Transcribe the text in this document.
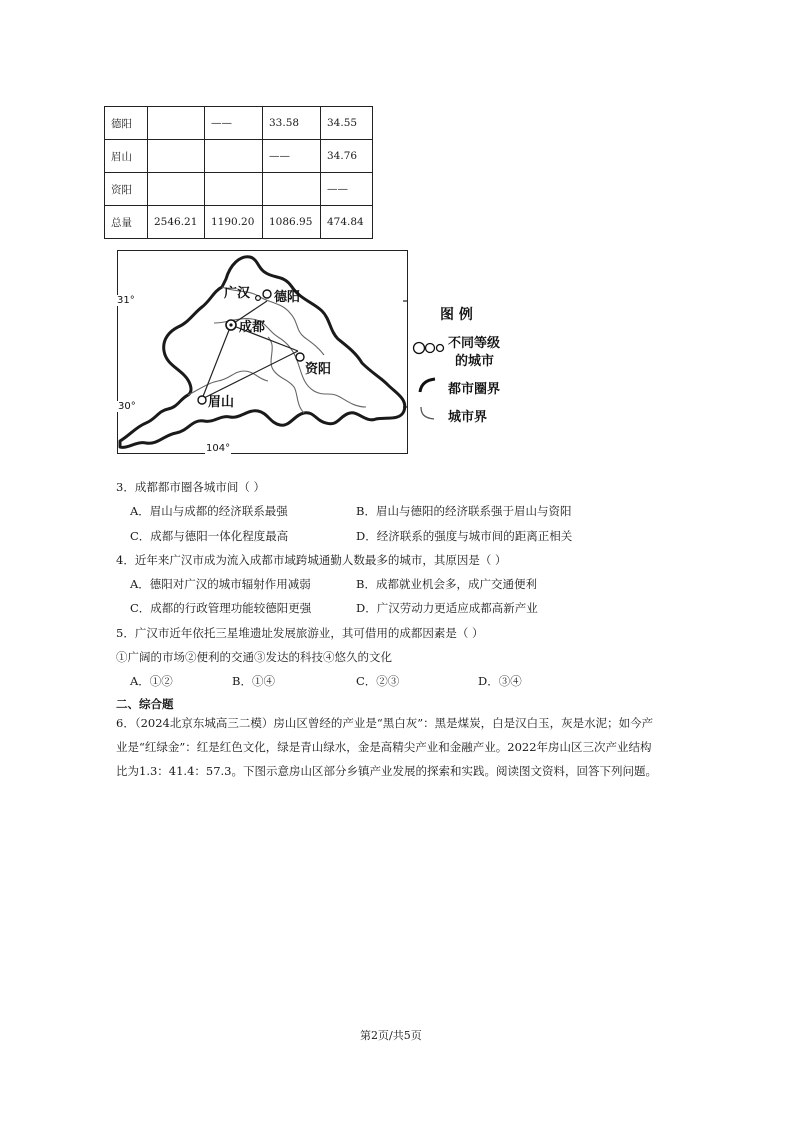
德阳		——	33.58	34.55
眉山			——	34.76
资阳				——
总量	2546.21	1190.20	1086.95	474.84
广汉 德阳
成都
资阳
眉山
31°
30°
104°
图 例
不同等级
的城市
都市圈界
城市界
3．成都都市圈各城市间（ ）
A．眉山与成都的经济联系最强	B．眉山与德阳的经济联系强于眉山与资阳
C．成都与德阳一体化程度最高	D．经济联系的强度与城市间的距离正相关
4．近年来广汉市成为流入成都市域跨城通勤人数最多的城市，其原因是（ ）
A．德阳对广汉的城市辐射作用减弱	B．成都就业机会多，成广交通便利
C．成都的行政管理功能较德阳更强	D．广汉劳动力更适应成都高新产业
5．广汉市近年依托三星堆遗址发展旅游业，其可借用的成都因素是（ ）
①广阔的市场②便利的交通③发达的科技④悠久的文化
A．①②	B．①④	C．②③	D．③④
二、综合题
6．（2024北京东城高三二模）房山区曾经的产业是“黑白灰”：黑是煤炭，白是汉白玉，灰是水泥；如今产
业是“红绿金”：红是红色文化，绿是青山绿水，金是高精尖产业和金融产业。2022年房山区三次产业结构
比为1.3：41.4：57.3。下图示意房山区部分乡镇产业发展的探索和实践。阅读图文资料，回答下列问题。
第2页/共5页
